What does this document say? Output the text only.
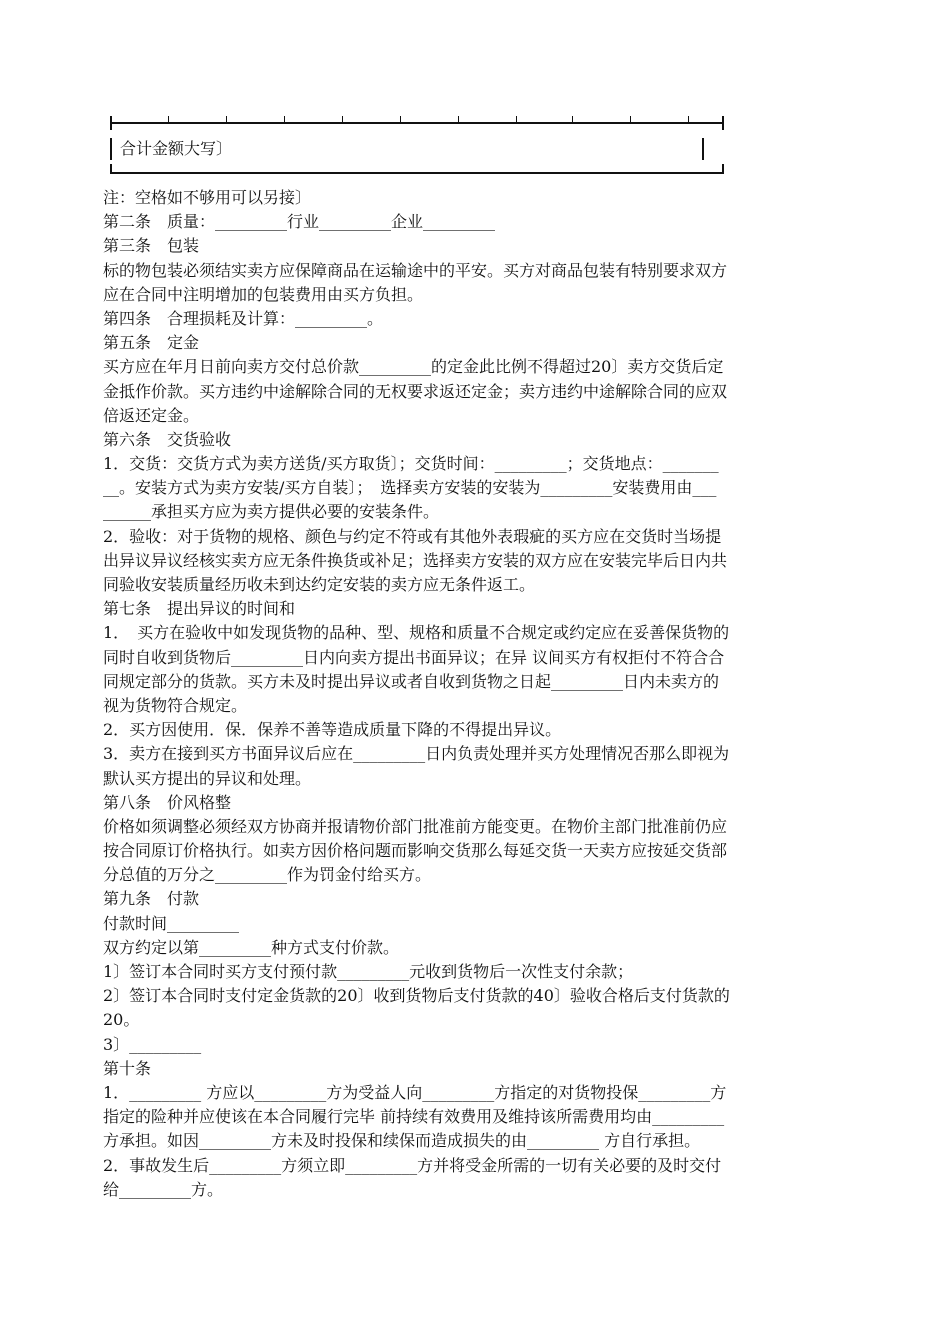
合计金额大写〕
注：空格如不够用可以另接〕
第二条　质量：_________行业_________企业_________
第三条　包装
标的物包装必须结实卖方应保障商品在运输途中的平安。买方对商品包装有特别要求双方
应在合同中注明增加的包装费用由买方负担。
第四条　合理损耗及计算：_________。
第五条　定金
买方应在年月日前向卖方交付总价款_________的定金此比例不得超过20〕卖方交货后定
金抵作价款。买方违约中途解除合同的无权要求返还定金；卖方违约中途解除合同的应双
倍返还定金。
第六条　交货验收
1．交货：交货方式为卖方送货/买方取货〕；交货时间：_________；交货地点：_______
__。安装方式为卖方安装/买方自装〕；　选择卖方安装的安装为_________安装费用由___
______承担买方应为卖方提供必要的安装条件。
2．验收：对于货物的规格、颜色与约定不符或有其他外表瑕疵的买方应在交货时当场提
出异议异议经核实卖方应无条件换货或补足；选择卖方安装的双方应在安装完毕后日内共
同验收安装质量经历收未到达约定安装的卖方应无条件返工。
第七条　提出异议的时间和
1．　买方在验收中如发现货物的品种、型、规格和质量不合规定或约定应在妥善保货物的
同时自收到货物后_________日内向卖方提出书面异议；在异 议间买方有权拒付不符合合
同规定部分的货款。买方未及时提出异议或者自收到货物之日起_________日内未卖方的
视为货物符合规定。
2．买方因使用．保．保养不善等造成质量下降的不得提出异议。
3．卖方在接到买方书面异议后应在_________日内负责处理并买方处理情况否那么即视为
默认买方提出的异议和处理。
第八条　价风格整
价格如须调整必须经双方协商并报请物价部门批准前方能变更。在物价主部门批准前仍应
按合同原订价格执行。如卖方因价格问题而影响交货那么每延交货一天卖方应按延交货部
分总值的万分之_________作为罚金付给买方。
第九条　付款
付款时间_________
双方约定以第_________种方式支付价款。
1〕签订本合同时买方支付预付款_________元收到货物后一次性支付余款；
2〕签订本合同时支付定金货款的20〕收到货物后支付货款的40〕验收合格后支付货款的
20。
3〕_________
第十条
1．_________ 方应以_________方为受益人向_________方指定的对货物投保_________方
指定的险种并应使该在本合同履行完毕 前持续有效费用及维持该所需费用均由_________
方承担。如因_________方未及时投保和续保而造成损失的由_________ 方自行承担。
2．事故发生后_________方须立即_________方并将受金所需的一切有关必要的及时交付
给_________方。
